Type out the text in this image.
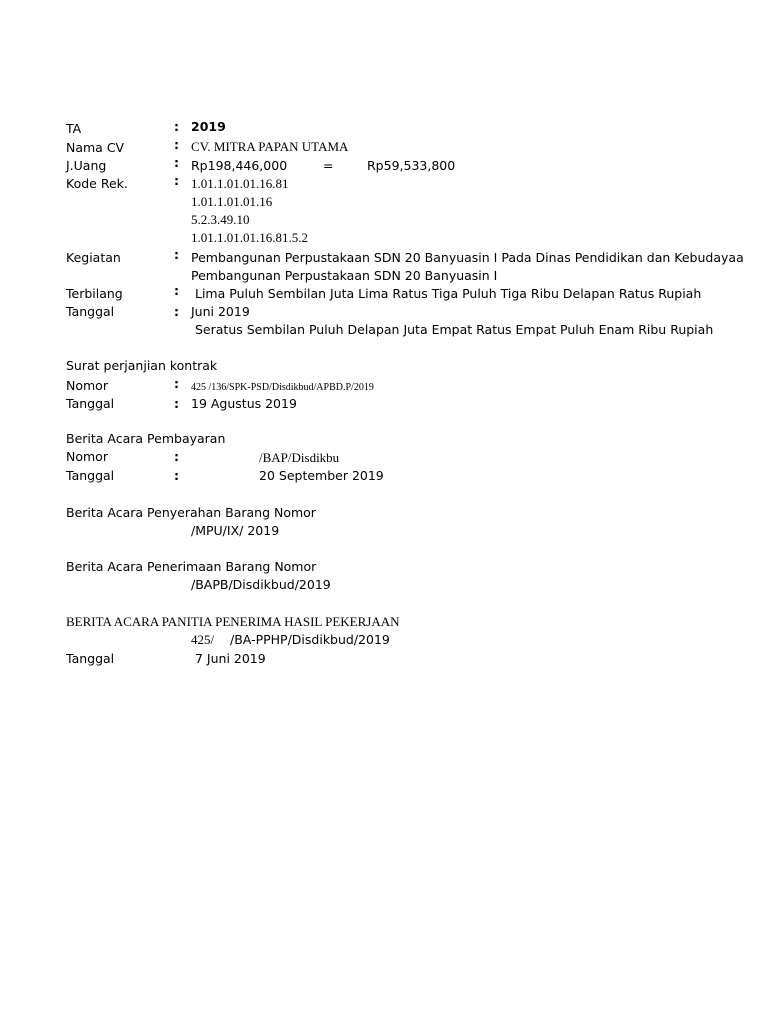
TA	: 2019
Nama CV	: CV. MITRA PAPAN UTAMA
J.Uang	: Rp198,446,000	=	Rp59,533,800
Kode Rek.	: 1.01.1.01.01.16.81
1.01.1.01.01.16
5.2.3.49.10
1.01.1.01.01.16.81.5.2
Kegiatan	: Pembangunan Perpustakaan SDN 20 Banyuasin I Pada Dinas Pendidikan dan Kebudayaa
Pembangunan Perpustakaan SDN 20 Banyuasin I
Terbilang	: Lima Puluh Sembilan Juta Lima Ratus Tiga Puluh Tiga Ribu Delapan Ratus Rupiah
Tanggal	: Juni 2019
Seratus Sembilan Puluh Delapan Juta Empat Ratus Empat Puluh Enam Ribu Rupiah
Surat perjanjian kontrak
Nomor	: 425 /136/SPK-PSD/Disdikbud/APBD.P/2019
Tanggal	: 19 Agustus 2019
Berita Acara Pembayaran
Nomor	:	/BAP/Disdikbu
Tanggal	:	20 September 2019
Berita Acara Penyerahan Barang Nomor
/MPU/IX/ 2019
Berita Acara Penerimaan Barang Nomor
/BAPB/Disdikbud/2019
BERITA ACARA PANITIA PENERIMA HASIL PEKERJAAN
425/ /BA-PPHP/Disdikbud/2019
Tanggal	7 Juni 2019
